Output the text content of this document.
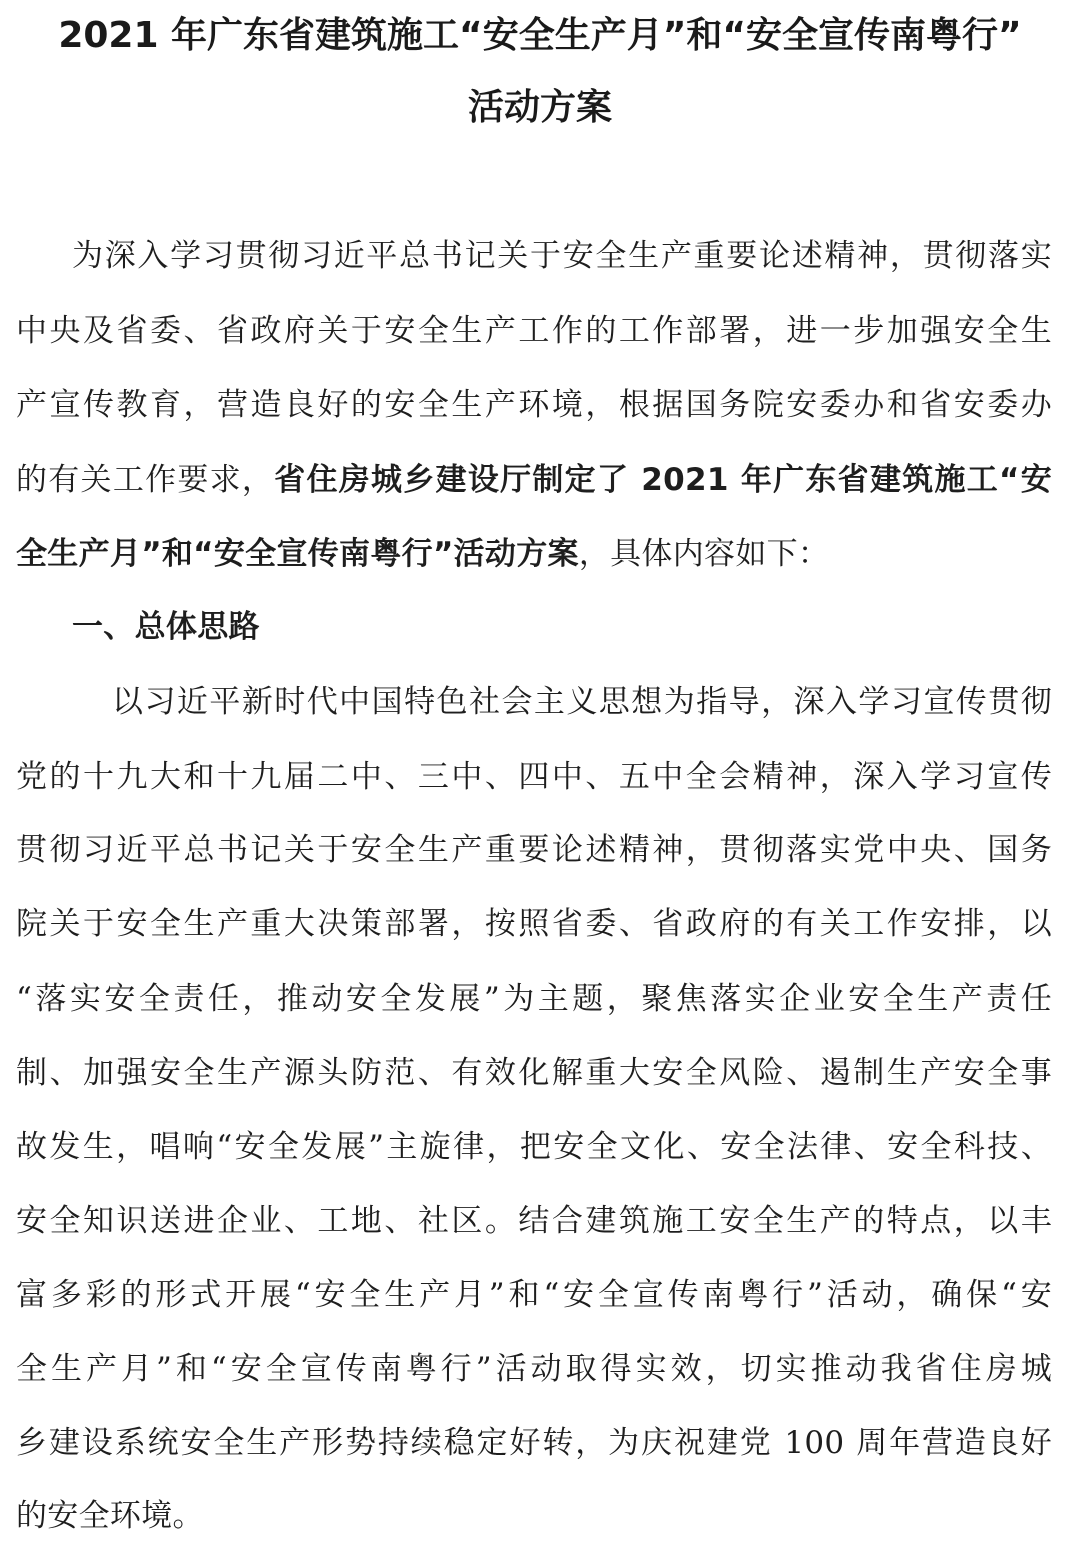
2021 年广东省建筑施工“安全生产月”和“安全宣传南粤行”
活动方案
为深入学习贯彻习近平总书记关于安全生产重要论述精神，贯彻落实
中央及省委、省政府关于安全生产工作的工作部署，进一步加强安全生
产宣传教育，营造良好的安全生产环境，根据国务院安委办和省安委办
的有关工作要求，省住房城乡建设厅制定了 2021 年广东省建筑施工“安
全生产月”和“安全宣传南粤行”活动方案，具体内容如下：
一、总体思路
以习近平新时代中国特色社会主义思想为指导，深入学习宣传贯彻
党的十九大和十九届二中、三中、四中、五中全会精神，深入学习宣传
贯彻习近平总书记关于安全生产重要论述精神，贯彻落实党中央、国务
院关于安全生产重大决策部署，按照省委、省政府的有关工作安排，以
“落实安全责任，推动安全发展”为主题，聚焦落实企业安全生产责任
制、加强安全生产源头防范、有效化解重大安全风险、遏制生产安全事
故发生，唱响“安全发展”主旋律，把安全文化、安全法律、安全科技、
安全知识送进企业、工地、社区。结合建筑施工安全生产的特点，以丰
富多彩的形式开展“安全生产月”和“安全宣传南粤行”活动，确保“安
全生产月”和“安全宣传南粤行”活动取得实效，切实推动我省住房城
乡建设系统安全生产形势持续稳定好转，为庆祝建党 100 周年营造良好
的安全环境。
